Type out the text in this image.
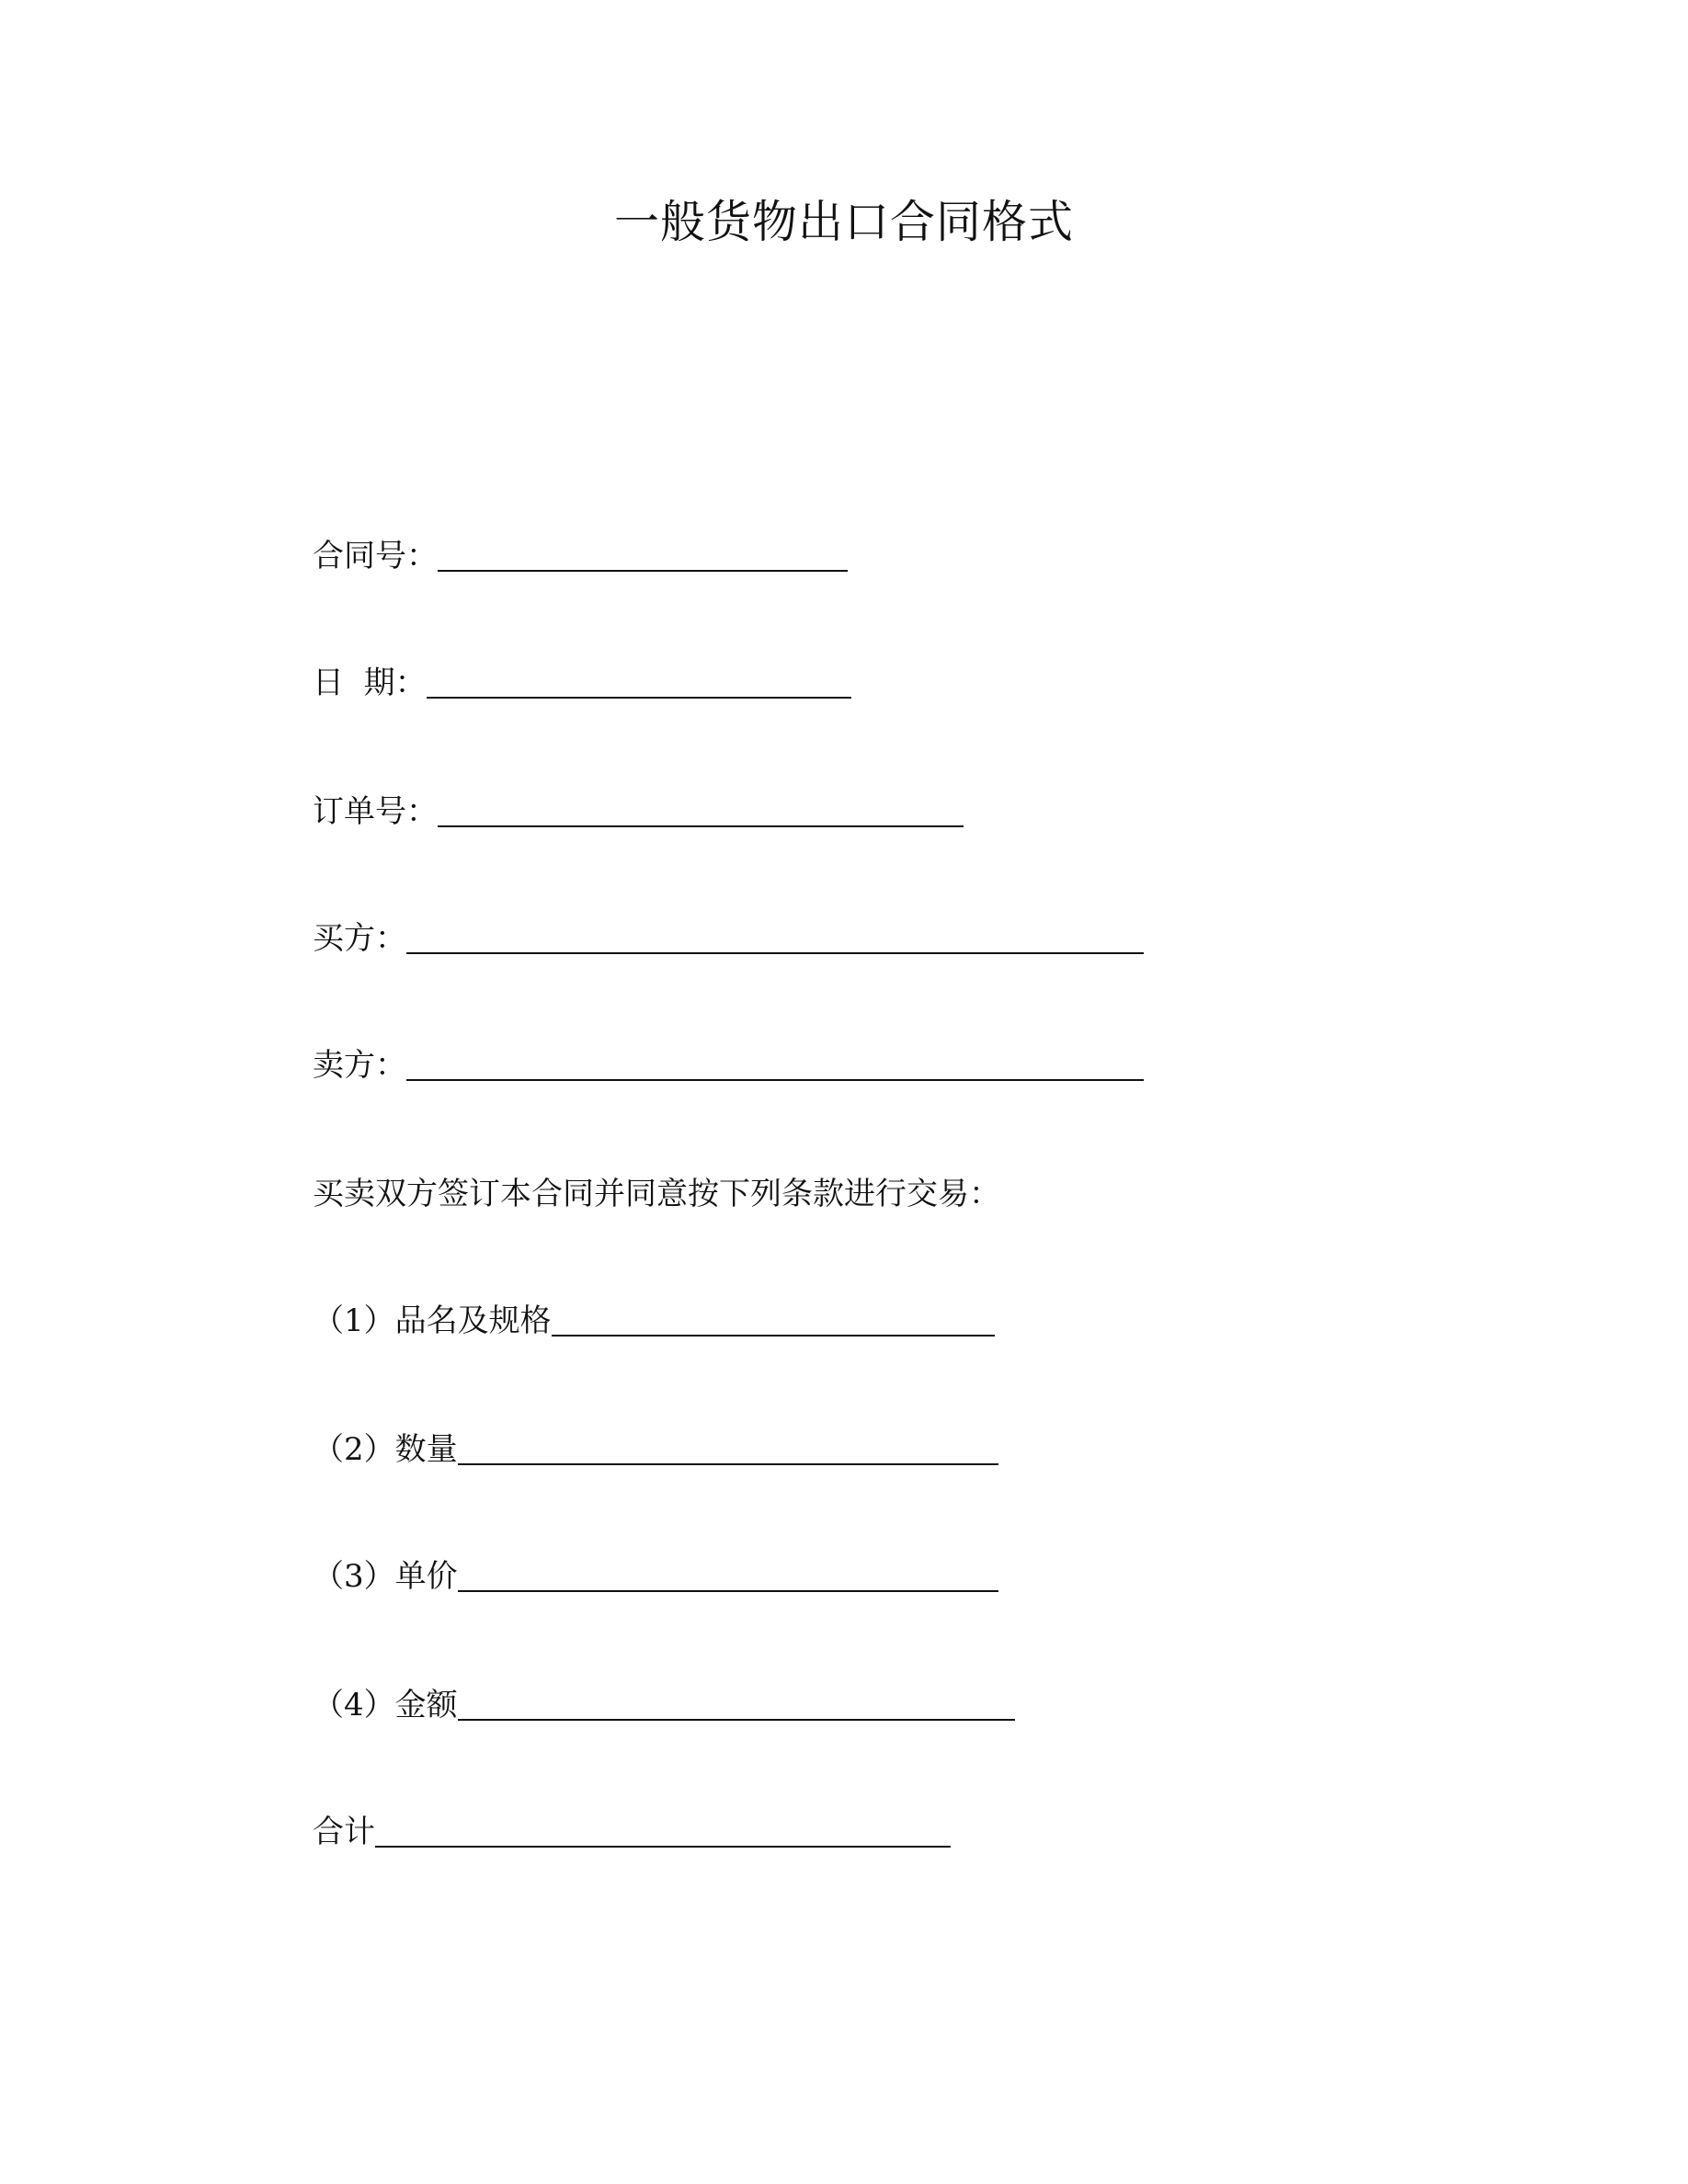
一般货物出口合同格式
合同号：
日  期：
订单号：
买方：
卖方：

买卖双方签订本合同并同意按下列条款进行交易：

（1）品名及规格
（2）数量
（3）单价
（4）金额
合计
